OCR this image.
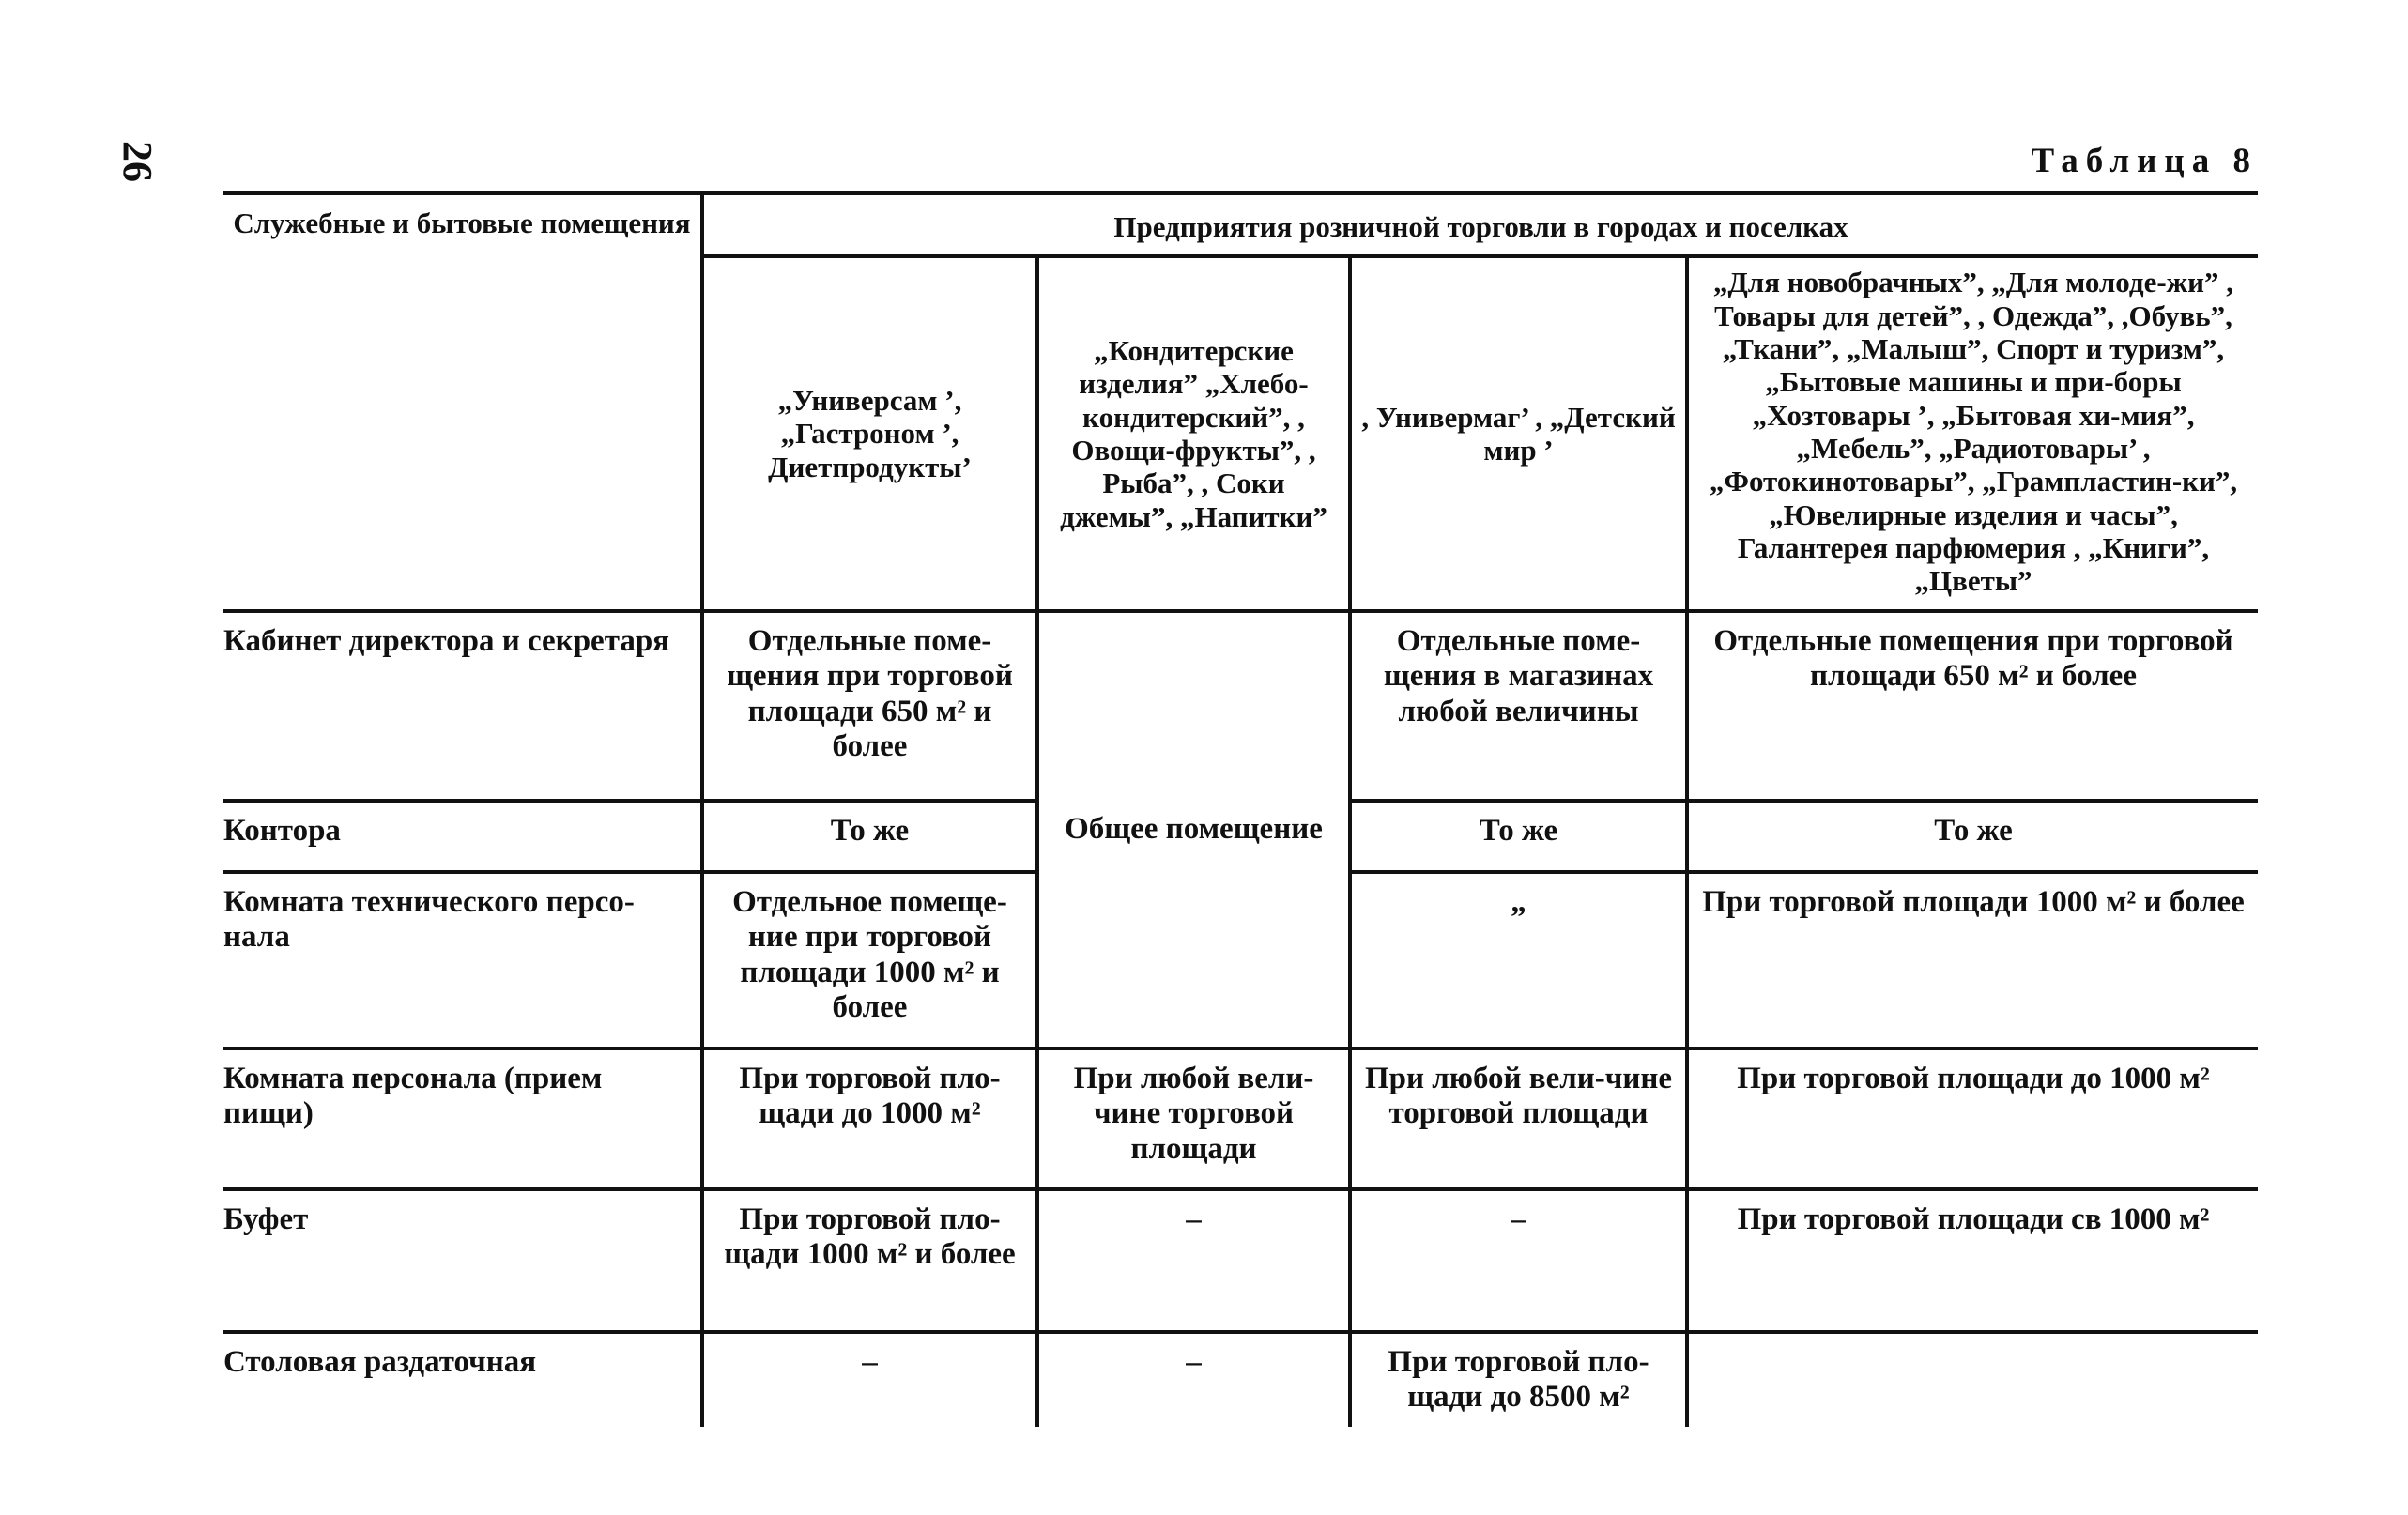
26	Таблица 8
Служебные и бытовые помещения	Предприятия розничной торговли в городах и поселках			
	„Универсам ’, „Гастроном ’, Диетпродукты’	„Кондитерские изделия” „Хлебо-кондитерский”, , Овощи-фрукты”, , Рыба”, , Соки джемы”, „Напитки”	, Универмаг’ , „Детский мир ’	„Для новобрачных”, „Для молоде-жи” , Товары для детей”, , Одежда”, ,Обувь”, „Ткани”, „Малыш”, Спорт и туризм”, „Бытовые машины и при-боры „Хозтовары ’, „Бытовая хи-мия”, „Мебель”, „Радиотовары’ , „Фотокинотовары”, „Грампластин-ки”, „Ювелирные изделия и часы”, Галантерея парфюмерия , „Книги”, „Цветы”
Кабинет директора и секретаря	Отдельные поме-щения при торговой площади 650 м² и более	Общее помещение	Отдельные поме-щения в магазинах любой величины	Отдельные помещения при торговой площади 650 м² и более
Контора	То же		То же	То же
Комната технического персо-нала	Отдельное помеще-ние при торговой площади 1000 м² и более		„	При торговой площади 1000 м² и более
Комната персонала (прием пищи)	При торговой пло-щади до 1000 м²	При любой вели-чине торговой площади	При любой вели-чине торговой площади	При торговой площади до 1000 м²
Буфет	При торговой пло-щади 1000 м² и более	–	–	При торговой площади св 1000 м²
Столовая раздаточная	–	–	При торговой пло-щади до 8500 м²	
